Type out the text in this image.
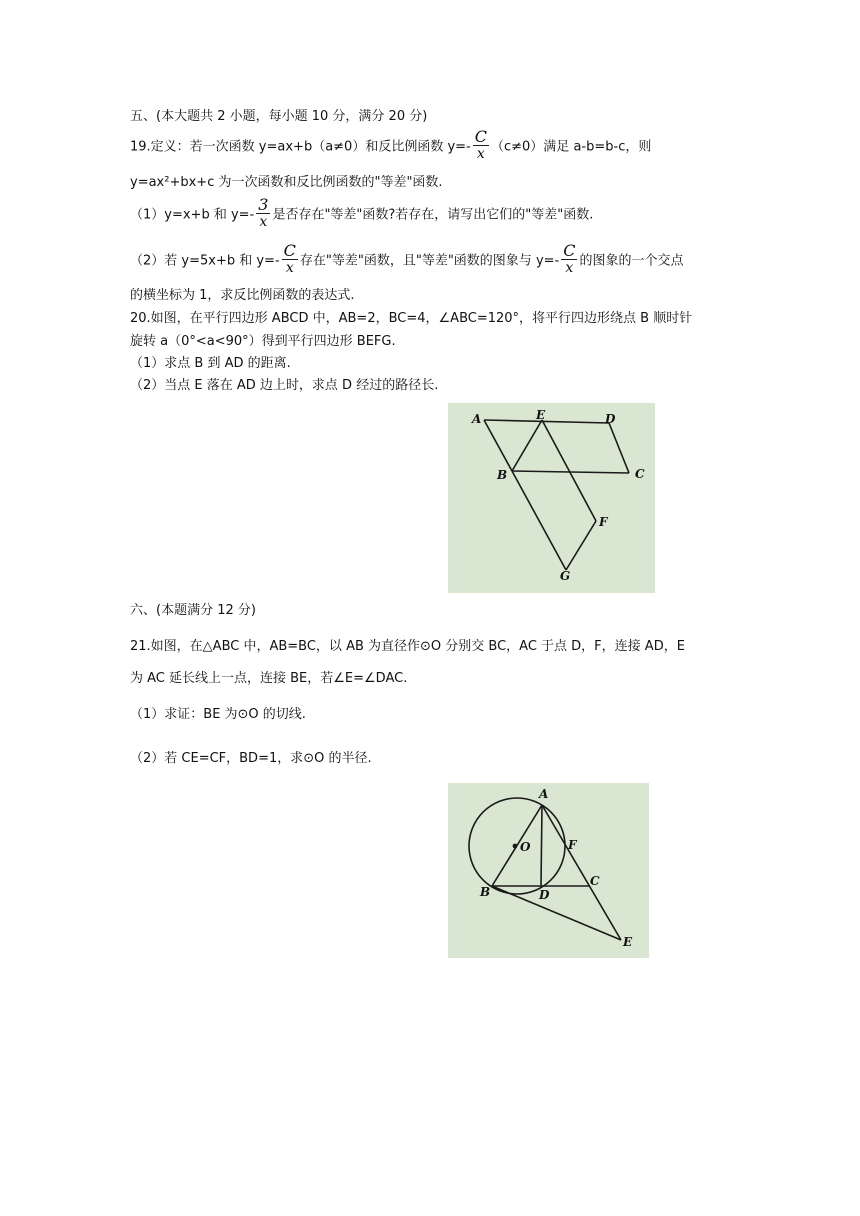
五、(本大题共 2 小题，每小题 10 分，满分 20 分)
19.定义：若一次函数 y=ax+b（a≠0）和反比例函数 $y=- \frac{C}{x} (c\ne 0)$满足 a-b=b-c，则
y=ax²+bx+c 为一次函数和反比例函数的"等差"函数.
（1）y=x+b 和 $y=- \frac{3}{x}$ 是否存在"等差"函数?若存在，请写出它们的"等差"函数.
（2）若 y=5x+b 和 $y=- \frac{C}{x}$ 存在"等差"函数，且"等差"函数的图象与 $y=- \frac{C}{x}$ 的图象的一个交点
的横坐标为 1，求反比例函数的表达式.
20.如图，在平行四边形 ABCD 中，AB=2，BC=4，∠ABC=120°，将平行四边形绕点 B 顺时针
旋转 a（0°<a<90°）得到平行四边形 BEFG.
（1）求点 B 到 AD 的距离.
（2）当点 E 落在 AD 边上时，求点 D 经过的路径长.
A	E	D
B	C
F
G
六、(本题满分 12 分)
21.如图，在△ABC 中，AB=BC，以 AB 为直径作⊙O 分别交 BC，AC 于点 D，F，连接 AD，E
为 AC 延长线上一点，连接 BE，若∠E=∠DAC.
（1）求证：BE 为⊙O 的切线.
（2）若 CE=CF，BD=1，求⊙O 的半径.
A
O	F
B	D
C
E
